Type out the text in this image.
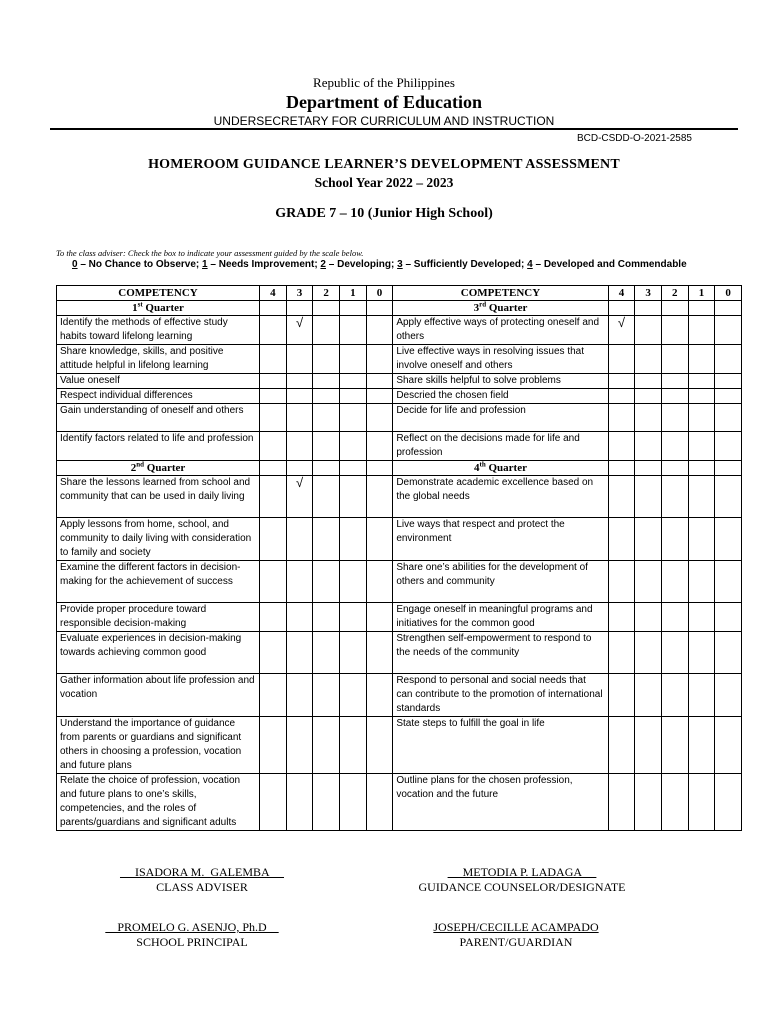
Republic of the Philippines
Department of Education
UNDERSECRETARY FOR CURRICULUM AND INSTRUCTION
BCD-CSDD-O-2021-2585
HOMEROOM GUIDANCE LEARNER’S DEVELOPMENT ASSESSMENT
School Year 2022 – 2023
GRADE 7 – 10 (Junior High School)
To the class adviser: Check the box to indicate your assessment guided by the scale below.
0 – No Chance to Observe; 1 – Needs Improvement; 2 – Developing; 3 – Sufficiently Developed; 4 – Developed and Commendable
COMPETENCY	4	3	2	1	0	COMPETENCY	4	3	2	1	0
1st Quarter						3rd Quarter					
Identify the methods of effective study habits toward lifelong learning		√				Apply effective ways of protecting oneself and others	√				
Share knowledge, skills, and positive attitude helpful in lifelong learning						Live effective ways in resolving issues that involve oneself and others					
Value oneself						Share skills helpful to solve problems					
Respect individual differences						Descried the chosen field					
Gain understanding of oneself and others						Decide for life and profession					
Identify factors related to life and profession						Reflect on the decisions made for life and profession					
2nd Quarter						4th Quarter					
Share the lessons learned from school and community that can be used in daily living		√				Demonstrate academic excellence based on the global needs					
Apply lessons from home, school, and community to daily living with consideration to family and society						Live ways that respect and protect the environment					
Examine the different factors in decision-making for the achievement of success						Share one’s abilities for the development of others and community					
Provide proper procedure toward responsible decision-making						Engage oneself in meaningful programs and initiatives for the common good					
Evaluate experiences in decision-making towards achieving common good						Strengthen self-empowerment to respond to the needs of the community					
Gather information about life profession and vocation						Respond to personal and social needs that can contribute to the promotion of international standards					
Understand the importance of guidance from parents or guardians and significant others in choosing a profession, vocation and future plans						State steps to fulfill the goal in life					
Relate the choice of profession, vocation and future plans to one’s skills, competencies, and the roles of parents/guardians and significant adults						Outline plans for the chosen profession, vocation and the future					
ISADORA M.  GALEMBA
CLASS ADVISER
METODIA P. LADAGA
GUIDANCE COUNSELOR/DESIGNATE
PROMELO G. ASENJO, Ph.D
SCHOOL PRINCIPAL
JOSEPH/CECILLE ACAMPADO
PARENT/GUARDIAN
